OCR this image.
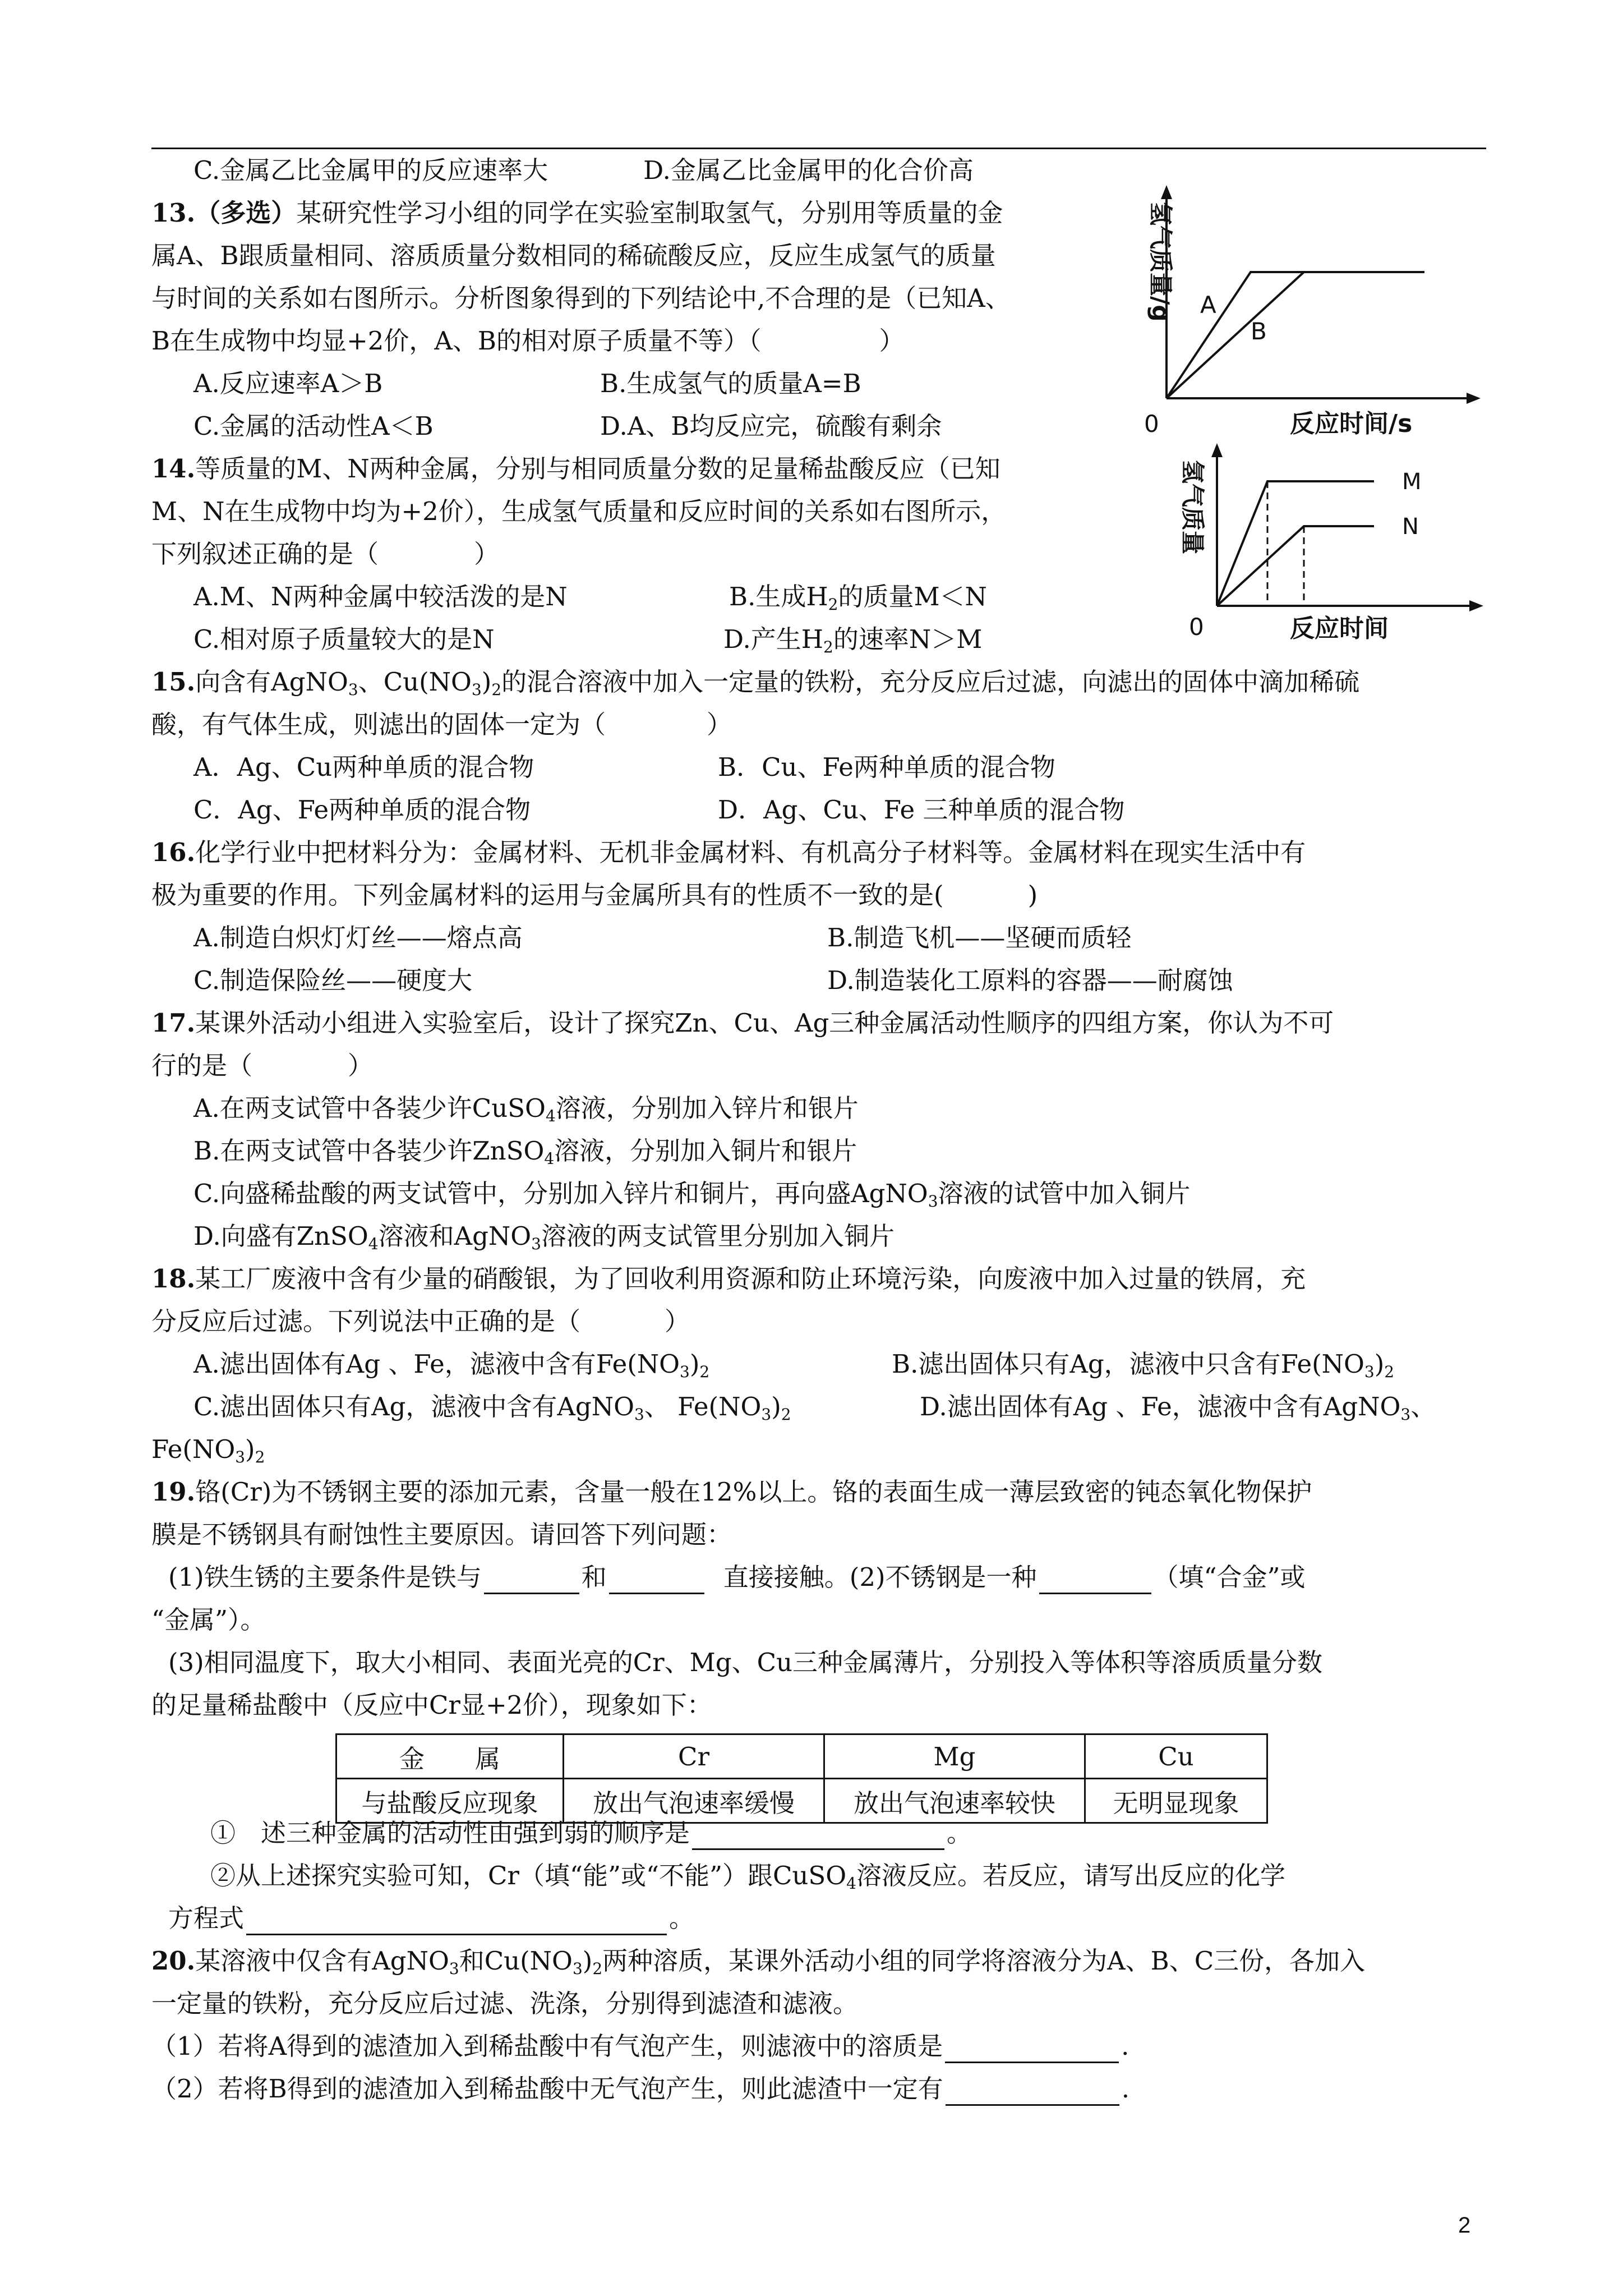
C.金属乙比金属甲的反应速率大	D.金属乙比金属甲的化合价高
13.（多选）某研究性学习小组的同学在实验室制取氢气，分别用等质量的金
属A、B跟质量相同、溶质质量分数相同的稀硫酸反应，反应生成氢气的质量
与时间的关系如右图所示。分析图象得到的下列结论中,不合理的是（已知A、
B在生成物中均显+2价，A、B的相对原子质量不等）（	）
A.反应速率A＞B	B.生成氢气的质量A=B
C.金属的活动性A＜B	D.A、B均反应完，硫酸有剩余
A
B
0	反应时间/s
氢气质量/g
14.等质量的M、N两种金属，分别与相同质量分数的足量稀盐酸反应（已知
M、N在生成物中均为+2价），生成氢气质量和反应时间的关系如右图所示，
下列叙述正确的是（	）
A.M、N两种金属中较活泼的是N	B.生成$H_2$的质量M＜N
C.相对原子质量较大的是N	D.产生$H_2$的速率N＞M
M
N
0	反应时间
氢气质量
15.向含有AgNO$_3$、$Cu(NO_3)_2$的混合溶液中加入一定量的铁粉，充分反应后过滤，向滤出的固体中滴加稀硫
酸，有气体生成，则滤出的固体一定为（	）
A．Ag、Cu两种单质的混合物	B．Cu、Fe两种单质的混合物
C．Ag、Fe两种单质的混合物	D．Ag、Cu、Fe 三种单质的混合物
16.化学行业中把材料分为：金属材料、无机非金属材料、有机高分子材料等。金属材料在现实生活中有
极为重要的作用。下列金属材料的运用与金属所具有的性质不一致的是(	)
A.制造白炽灯灯丝——熔点高	B.制造飞机——坚硬而质轻
C.制造保险丝——硬度大	D.制造装化工原料的容器——耐腐蚀
17.某课外活动小组进入实验室后，设计了探究Zn、Cu、Ag三种金属活动性顺序的四组方案，你认为不可
行的是（	）
A.在两支试管中各装少许CuSO$_4$溶液，分别加入锌片和银片
B.在两支试管中各装少许ZnSO$_4$溶液，分别加入铜片和银片
C.向盛稀盐酸的两支试管中，分别加入锌片和铜片，再向盛AgNO$_3$溶液的试管中加入铜片
D.向盛有ZnSO$_4$溶液和AgNO$_3$溶液的两支试管里分别加入铜片
18.某工厂废液中含有少量的硝酸银，为了回收利用资源和防止环境污染，向废液中加入过量的铁屑，充
分反应后过滤。下列说法中正确的是（	）
A.滤出固体有Ag 、Fe，滤液中含有$Fe(NO_3)_2$	B.滤出固体只有Ag，滤液中只含有$Fe(NO_3)_2$
C.滤出固体只有Ag，滤液中含有AgNO$_3$、 $Fe(NO_3)_2$	D.滤出固体有Ag 、Fe，滤液中含有AgNO$_3$、
$Fe(NO_3)_2$
19.铬(Cr)为不锈钢主要的添加元素，含量一般在12%以上。铬的表面生成一薄层致密的钝态氧化物保护
膜是不锈钢具有耐蚀性主要原因。请回答下列问题：
(1)铁生锈的主要条件是铁与	和	直接接触。(2)不锈钢是一种	（填“合金”或
“金属”）。
(3)相同温度下，取大小相同、表面光亮的Cr、Mg、Cu三种金属薄片，分别投入等体积等溶质质量分数
的足量稀盐酸中（反应中Cr显+2价），现象如下：
金　　属	Cr	Mg	Cu
与盐酸反应现象	放出气泡速率缓慢	放出气泡速率较快	无明显现象
①　述三种金属的活动性由强到弱的顺序是	。
②从上述探究实验可知，Cr（填“能”或“不能”）跟CuSO$_4$溶液反应。若反应，请写出反应的化学
方程式	。
20.某溶液中仅含有AgNO$_3$和$Cu(NO_3)_2$两种溶质，某课外活动小组的同学将溶液分为A、B、C三份，各加入
一定量的铁粉，充分反应后过滤、洗涤，分别得到滤渣和滤液。
（1）若将A得到的滤渣加入到稀盐酸中有气泡产生，则滤液中的溶质是	.
（2）若将B得到的滤渣加入到稀盐酸中无气泡产生，则此滤渣中一定有	.
2
